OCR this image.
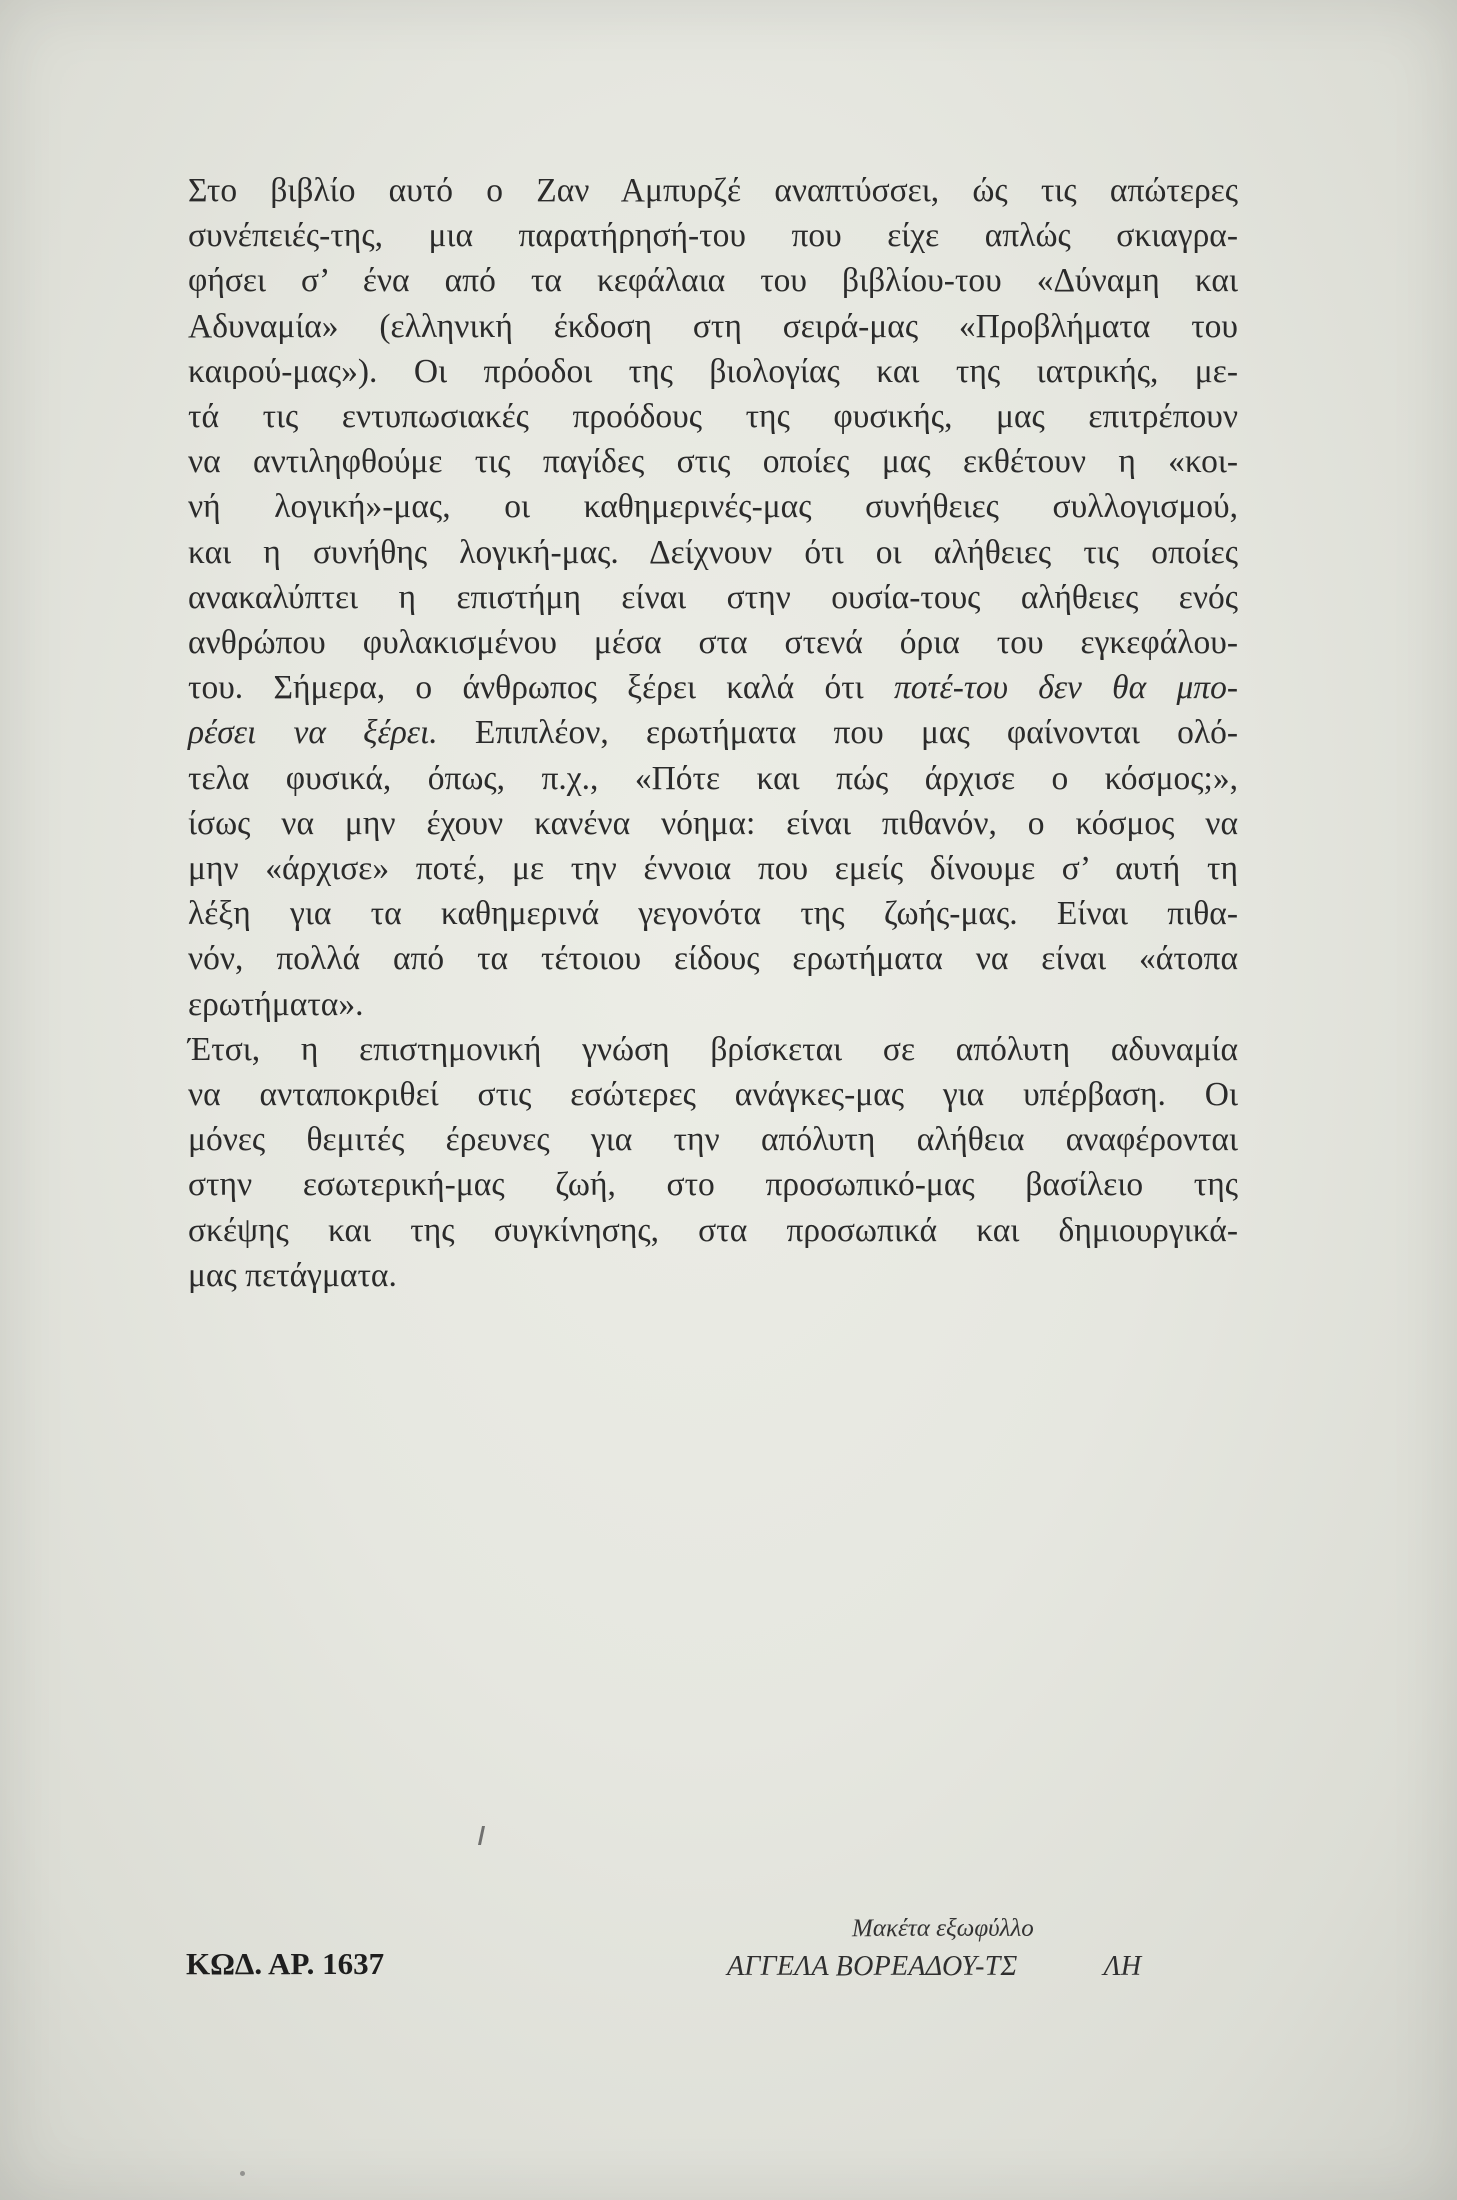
Στο βιβλίο αυτό ο Ζαν Αμπυρζέ αναπτύσσει, ώς τις απώτερες
συνέπειές-της, μια παρατήρησή-του που είχε απλώς σκιαγρα-
φήσει σ’ ένα από τα κεφάλαια του βιβλίου-του «Δύναμη και
Αδυναμία» (ελληνική έκδοση στη σειρά-μας «Προβλήματα του
καιρού-μας»). Οι πρόοδοι της βιολογίας και της ιατρικής, με-
τά τις εντυπωσιακές προόδους της φυσικής, μας επιτρέπουν
να αντιληφθούμε τις παγίδες στις οποίες μας εκθέτουν η «κοι-
νή λογική»-μας, οι καθημερινές-μας συνήθειες συλλογισμού,
και η συνήθης λογική-μας. Δείχνουν ότι οι αλήθειες τις οποίες
ανακαλύπτει η επιστήμη είναι στην ουσία-τους αλήθειες ενός
ανθρώπου φυλακισμένου μέσα στα στενά όρια του εγκεφάλου-
του. Σήμερα, ο άνθρωπος ξέρει καλά ότι ποτέ-του δεν θα μπο-
ρέσει να ξέρει. Επιπλέον, ερωτήματα που μας φαίνονται ολό-
τελα φυσικά, όπως, π.χ., «Πότε και πώς άρχισε ο κόσμος;»,
ίσως να μην έχουν κανένα νόημα: είναι πιθανόν, ο κόσμος να
μην «άρχισε» ποτέ, με την έννοια που εμείς δίνουμε σ’ αυτή τη
λέξη για τα καθημερινά γεγονότα της ζωής-μας. Είναι πιθα-
νόν, πολλά από τα τέτοιου είδους ερωτήματα να είναι «άτοπα
ερωτήματα».
Έτσι, η επιστημονική γνώση βρίσκεται σε απόλυτη αδυναμία
να ανταποκριθεί στις εσώτερες ανάγκες-μας για υπέρβαση. Οι
μόνες θεμιτές έρευνες για την απόλυτη αλήθεια αναφέρονται
στην εσωτερική-μας ζωή, στο προσωπικό-μας βασίλειο της
σκέψης και της συγκίνησης, στα προσωπικά και δημιουργικά-
μας πετάγματα.
ΚΩΔ. ΑΡ. 1637
Μακέτα εξωφύλλο
ΑΓΓΕΛΑ ΒΟΡΕΑΔΟΥ-ΤΣ	ΛΗ
